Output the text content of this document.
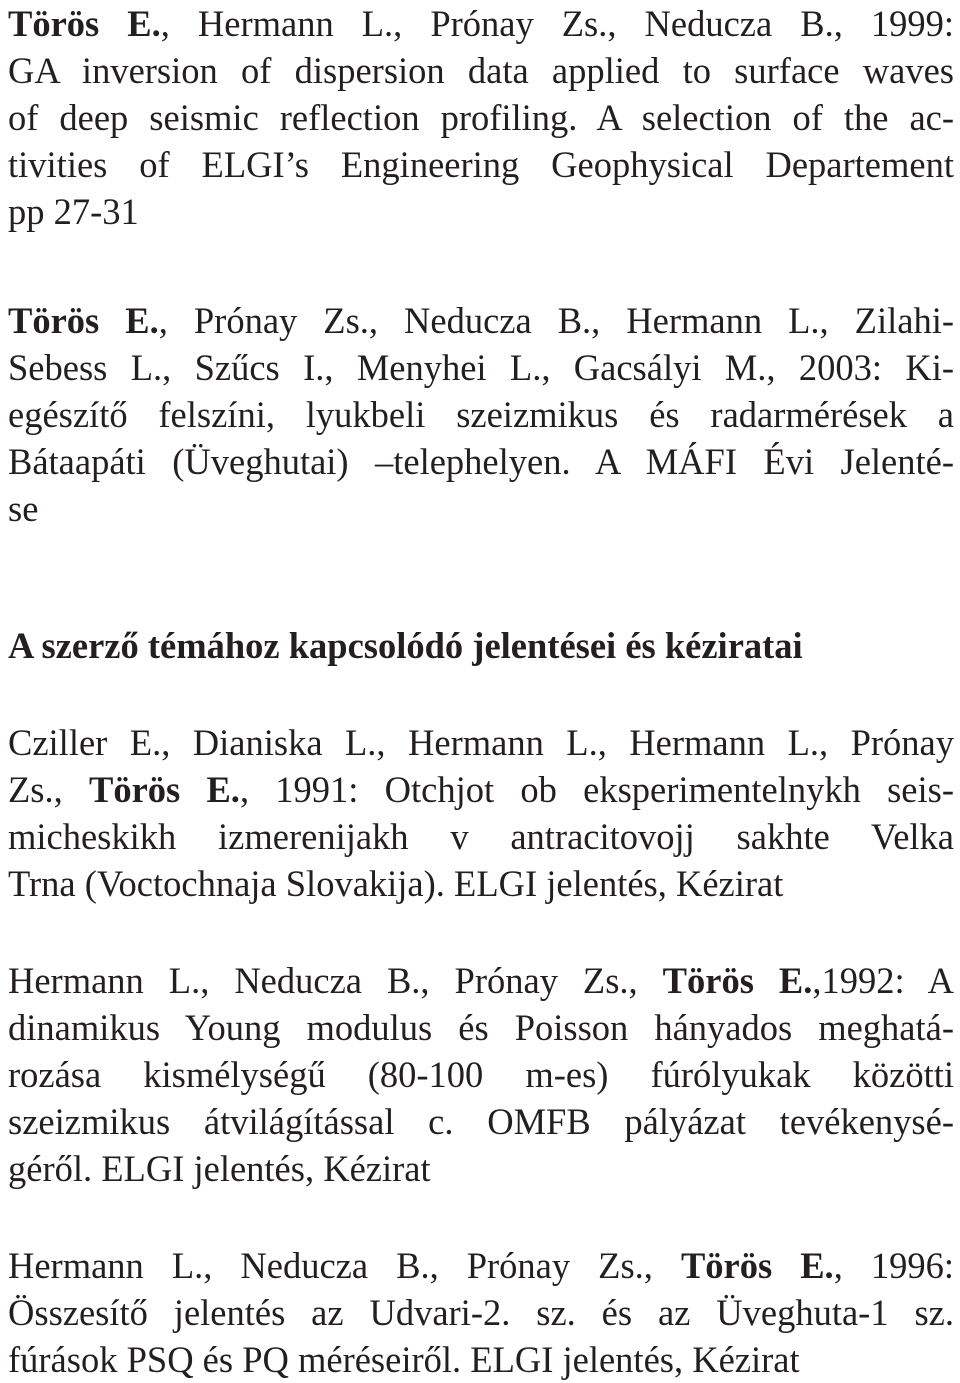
Törös E., Hermann L., Prónay Zs., Neducza B., 1999:
GA inversion of dispersion data applied to surface waves
of deep seismic reflection profiling. A selection of the ac-
tivities of ELGI’s Engineering Geophysical Departement
pp 27-31
Törös E., Prónay Zs., Neducza B., Hermann L., Zilahi-
Sebess L., Szűcs I., Menyhei L., Gacsályi M., 2003: Ki-
egészítő felszíni, lyukbeli szeizmikus és radarmérések a
Bátaapáti (Üveghutai) –telephelyen. A MÁFI Évi Jelenté-
se
A szerző témához kapcsolódó jelentései és kéziratai
Cziller E., Dianiska L., Hermann L., Hermann L., Prónay
Zs., Törös E., 1991: Otchjot ob eksperimentelnykh seis-
micheskikh izmerenijakh v antracitovojj sakhte Velka
Trna (Voctochnaja Slovakija). ELGI jelentés, Kézirat
Hermann L., Neducza B., Prónay Zs., Törös E.,1992: A
dinamikus Young modulus és Poisson hányados meghatá-
rozása kismélységű (80-100 m-es) fúrólyukak közötti
szeizmikus átvilágítással c. OMFB pályázat tevékenysé-
géről. ELGI jelentés, Kézirat
Hermann L., Neducza B., Prónay Zs., Törös E., 1996:
Összesítő jelentés az Udvari-2. sz. és az Üveghuta-1 sz.
fúrások PSQ és PQ méréseiről. ELGI jelentés, Kézirat
